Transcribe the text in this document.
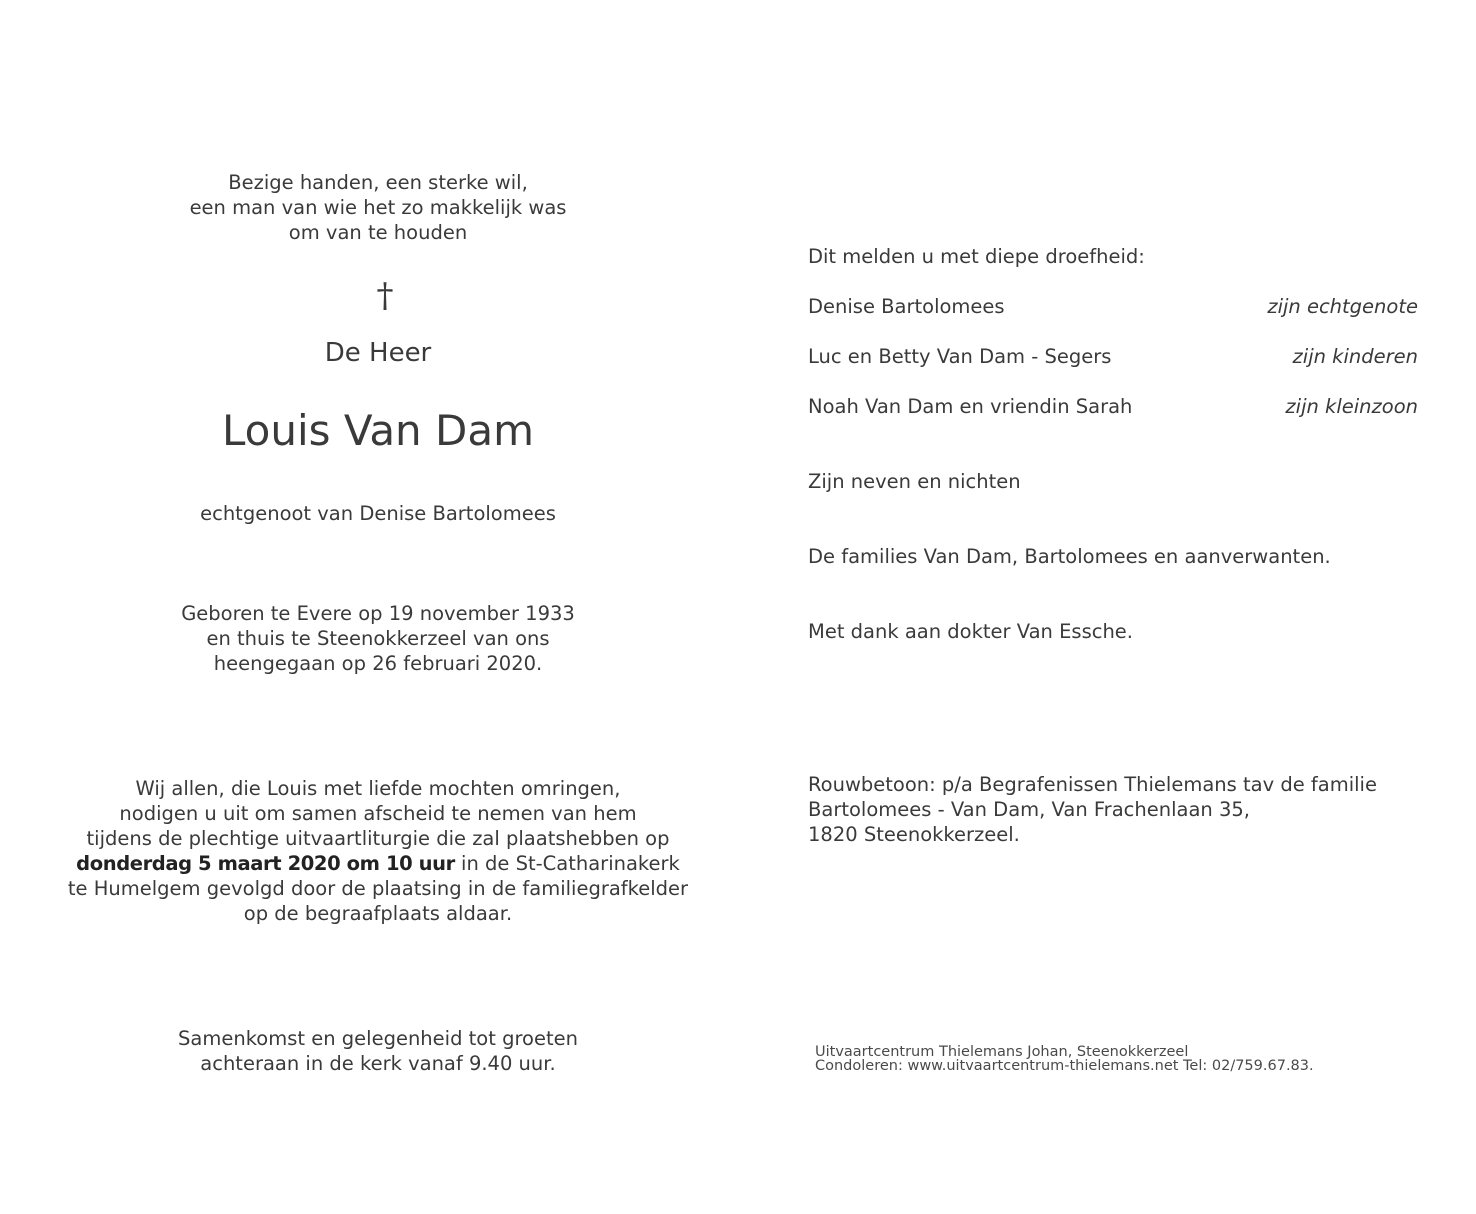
Bezige handen, een sterke wil,
een man van wie het zo makkelijk was
om van te houden
†
De Heer
Louis Van Dam
echtgenoot van Denise Bartolomees
Geboren te Evere op 19 november 1933
en thuis te Steenokkerzeel van ons
heengegaan op 26 februari 2020.
Wij allen, die Louis met liefde mochten omringen,
nodigen u uit om samen afscheid te nemen van hem
tijdens de plechtige uitvaartliturgie die zal plaatshebben op
donderdag 5 maart 2020 om 10 uur in de St-Catharinakerk
te Humelgem gevolgd door de plaatsing in de familiegrafkelder
op de begraafplaats aldaar.
Samenkomst en gelegenheid tot groeten
achteraan in de kerk vanaf 9.40 uur.
Dit melden u met diepe droefheid:
Denise Bartolomees	zijn echtgenote
Luc en Betty Van Dam - Segers	zijn kinderen
Noah Van Dam en vriendin Sarah	zijn kleinzoon
Zijn neven en nichten
De families Van Dam, Bartolomees en aanverwanten.
Met dank aan dokter Van Essche.
Rouwbetoon: p/a Begrafenissen Thielemans tav de familie
Bartolomees - Van Dam, Van Frachenlaan 35,
1820 Steenokkerzeel.
Uitvaartcentrum Thielemans Johan, Steenokkerzeel
Condoleren: www.uitvaartcentrum-thielemans.net Tel: 02/759.67.83.
